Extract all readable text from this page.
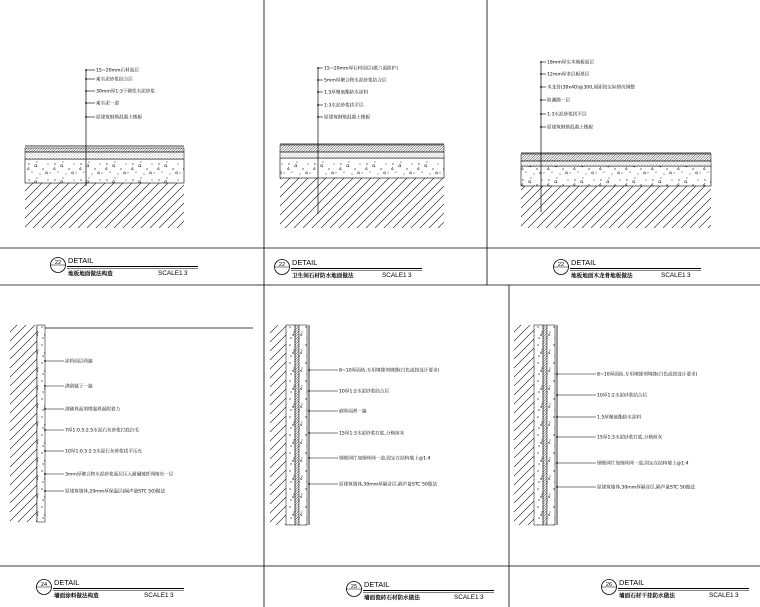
15~20mm石材面层
素水泥砂浆结合层
30mm厚1:3干硬性水泥砂浆
素水泥一道
原建筑钢筋混凝土楼板
22 DETAIL
地板地面做法构造	SCALE1 3
15~20mm厚石材面层(做六面防护)
5mm厚聚合物水泥砂浆结合层
1.5厚聚氨酯防水涂料
1:3水泥砂浆找平层
原建筑钢筋混凝土楼板
22 DETAIL
卫生间石材防水地面做法	SCALE1 3
18mm厚实木地板面层
12mm厚多层板基层
木龙骨(30x40)@300,间距按实际情况调整
防潮膜一层
1:3水泥砂浆找平层
原建筑钢筋混凝土楼板
22 DETAIL
地板地面木龙骨地板做法	SCALE1 3
涂料面层两遍
满刮腻子一遍
满刷界面剂增强界面附着力
7厚1:0.5:2.5水泥石灰砂浆打底扫毛
10厚1:0.5:2.5水泥石灰砂浆找平压光
3mm厚聚合物水泥砂浆面层压入耐碱玻纤网格布一层
原建筑墙体,20mm厚保温层(隔声量STC 50)做法
24 DETAIL
墙面涂料做法构造	SCALE1 3
8~10厚面砖,专用填缝剂填缝(白色或按设计要求)
10厚1:2水泥砂浆结合层
刷界面剂一遍
15厚1:3水泥砂浆打底,分格抹灰
钢筋网片加钢丝网一道,固定在结构墙上@1:4
原建筑墙体,30mm厚隔音层,隔声量STC 50做法
25 DETAIL
墙面瓷砖石材防水做法	SCALE1 3
8~10厚面砖,专用填缝剂填缝(白色或按设计要求)
10厚1:2水泥砂浆结合层
1.5厚聚氨酯防水涂料
15厚1:3水泥砂浆打底,分格抹灰
钢筋网片加钢丝网一道,固定在结构墙上@1:4
原建筑墙体,30mm厚隔音层,隔声量STC 50做法
26 DETAIL
墙面石材干挂防水做法	SCALE1 3
